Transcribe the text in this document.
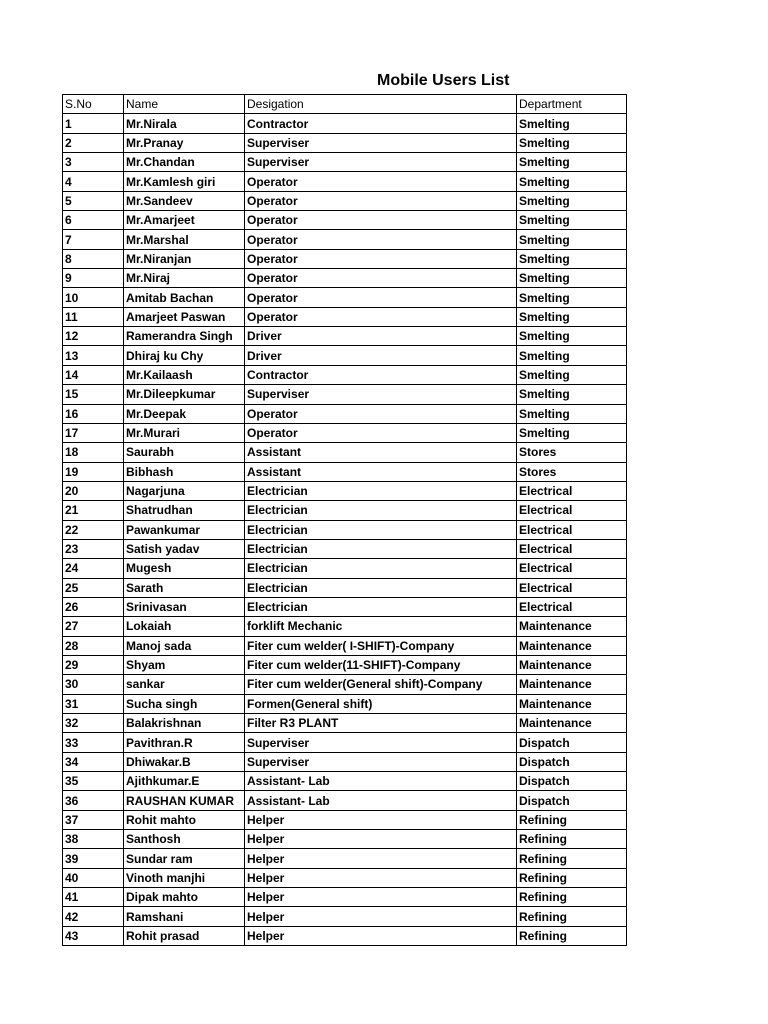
Mobile Users List
S.No	Name	Desigation	Department
1	Mr.Nirala	Contractor	Smelting
2	Mr.Pranay	Superviser	Smelting
3	Mr.Chandan	Superviser	Smelting
4	Mr.Kamlesh giri	Operator	Smelting
5	Mr.Sandeev	Operator	Smelting
6	Mr.Amarjeet	Operator	Smelting
7	Mr.Marshal	Operator	Smelting
8	Mr.Niranjan	Operator	Smelting
9	Mr.Niraj	Operator	Smelting
10	Amitab Bachan	Operator	Smelting
11	Amarjeet Paswan	Operator	Smelting
12	Ramerandra Singh	Driver	Smelting
13	Dhiraj ku Chy	Driver	Smelting
14	Mr.Kailaash	Contractor	Smelting
15	Mr.Dileepkumar	Superviser	Smelting
16	Mr.Deepak	Operator	Smelting
17	Mr.Murari	Operator	Smelting
18	Saurabh	Assistant	Stores
19	Bibhash	Assistant	Stores
20	Nagarjuna	Electrician	Electrical
21	Shatrudhan	Electrician	Electrical
22	Pawankumar	Electrician	Electrical
23	Satish yadav	Electrician	Electrical
24	Mugesh	Electrician	Electrical
25	Sarath	Electrician	Electrical
26	Srinivasan	Electrician	Electrical
27	Lokaiah	forklift Mechanic	Maintenance
28	Manoj sada	Fiter cum welder( I-SHIFT)-Company	Maintenance
29	Shyam	Fiter cum welder(11-SHIFT)-Company	Maintenance
30	sankar	Fiter cum welder(General shift)-Company	Maintenance
31	Sucha singh	Formen(General shift)	Maintenance
32	Balakrishnan	Filter R3 PLANT	Maintenance
33	Pavithran.R	Superviser	Dispatch
34	Dhiwakar.B	Superviser	Dispatch
35	Ajithkumar.E	Assistant- Lab	Dispatch
36	RAUSHAN KUMAR	Assistant- Lab	Dispatch
37	Rohit mahto	Helper	Refining
38	Santhosh	Helper	Refining
39	Sundar ram	Helper	Refining
40	Vinoth manjhi	Helper	Refining
41	Dipak mahto	Helper	Refining
42	Ramshani	Helper	Refining
43	Rohit prasad	Helper	Refining
